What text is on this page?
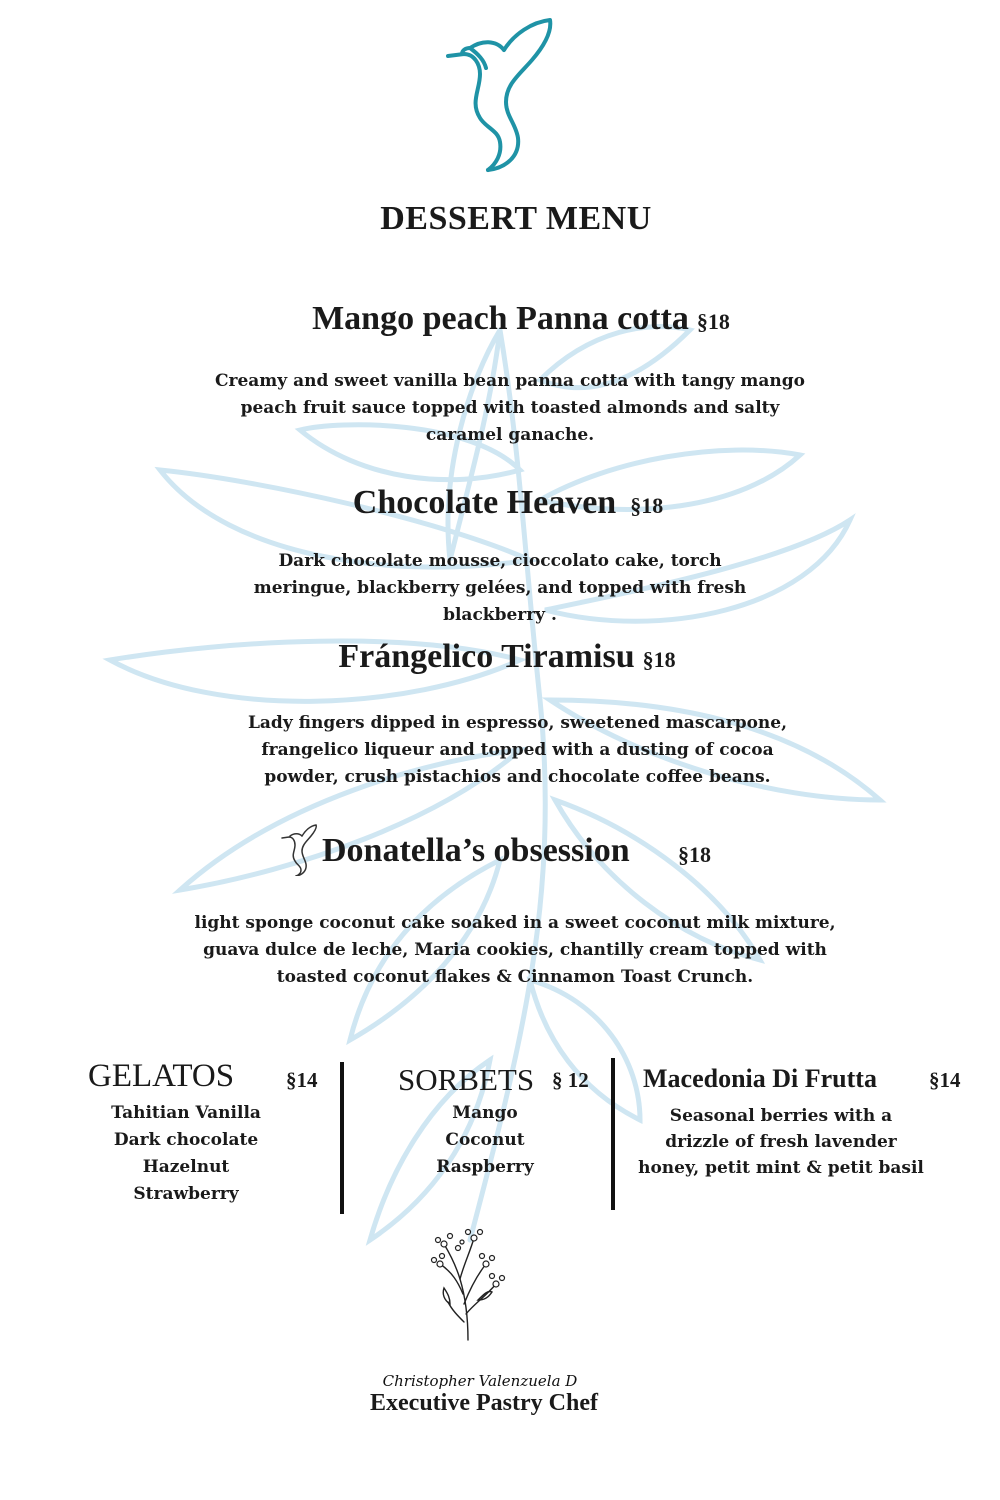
DESSERT MENU
Mango peach Panna cotta §18
Creamy and sweet vanilla bean panna cotta with tangy mango peach fruit sauce topped with toasted almonds and salty caramel ganache.
Chocolate Heaven §18
Dark chocolate mousse, cioccolato cake, torch meringue, blackberry gelées, and topped with fresh blackberry .
Frángelico Tiramisu §18
Lady fingers dipped in espresso, sweetened mascarpone, frangelico liqueur and topped with a dusting of cocoa powder, crush pistachios and chocolate coffee beans.
Donatella’s obsession §18
light sponge coconut cake soaked in a sweet coconut milk mixture, guava dulce de leche, Maria cookies, chantilly cream topped with toasted coconut flakes & Cinnamon Toast Crunch.
GELATOS §14
Tahitian Vanilla
Dark chocolate
Hazelnut
Strawberry
SORBETS § 12
Mango
Coconut
Raspberry
Macedonia Di Frutta §14
Seasonal berries with a drizzle of fresh lavender honey, petit mint & petit basil
Christopher Valenzuela D
Executive Pastry Chef
